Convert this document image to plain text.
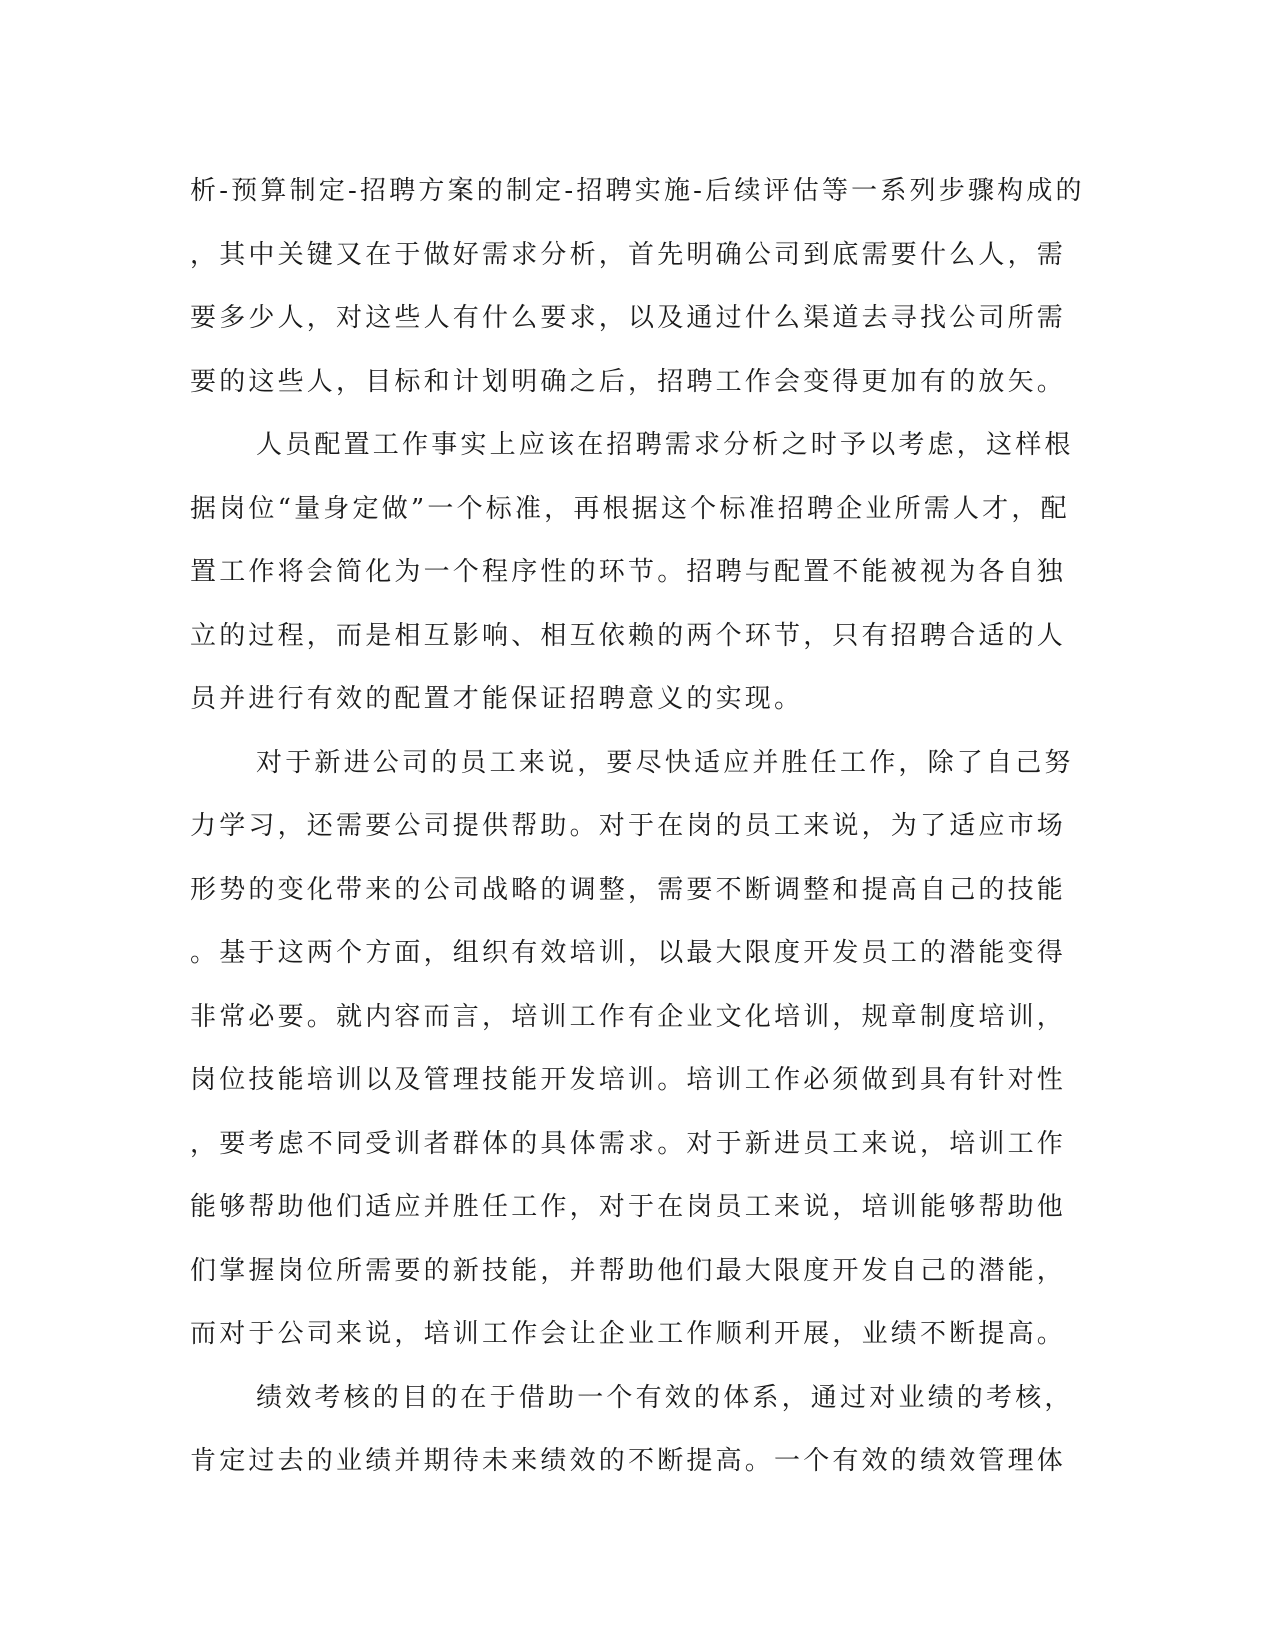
析-预算制定-招聘方案的制定-招聘实施-后续评估等一系列步骤构成的

，其中关键又在于做好需求分析，首先明确公司到底需要什么人，需

要多少人，对这些人有什么要求，以及通过什么渠道去寻找公司所需

要的这些人，目标和计划明确之后，招聘工作会变得更加有的放矢。

人员配置工作事实上应该在招聘需求分析之时予以考虑，这样根

据岗位“量身定做”一个标准，再根据这个标准招聘企业所需人才，配

置工作将会简化为一个程序性的环节。招聘与配置不能被视为各自独

立的过程，而是相互影响、相互依赖的两个环节，只有招聘合适的人

员并进行有效的配置才能保证招聘意义的实现。

对于新进公司的员工来说，要尽快适应并胜任工作，除了自己努

力学习，还需要公司提供帮助。对于在岗的员工来说，为了适应市场

形势的变化带来的公司战略的调整，需要不断调整和提高自己的技能

。基于这两个方面，组织有效培训，以最大限度开发员工的潜能变得

非常必要。就内容而言，培训工作有企业文化培训，规章制度培训，

岗位技能培训以及管理技能开发培训。培训工作必须做到具有针对性

，要考虑不同受训者群体的具体需求。对于新进员工来说，培训工作

能够帮助他们适应并胜任工作，对于在岗员工来说，培训能够帮助他

们掌握岗位所需要的新技能，并帮助他们最大限度开发自己的潜能，

而对于公司来说，培训工作会让企业工作顺利开展，业绩不断提高。

绩效考核的目的在于借助一个有效的体系，通过对业绩的考核，

肯定过去的业绩并期待未来绩效的不断提高。一个有效的绩效管理体
